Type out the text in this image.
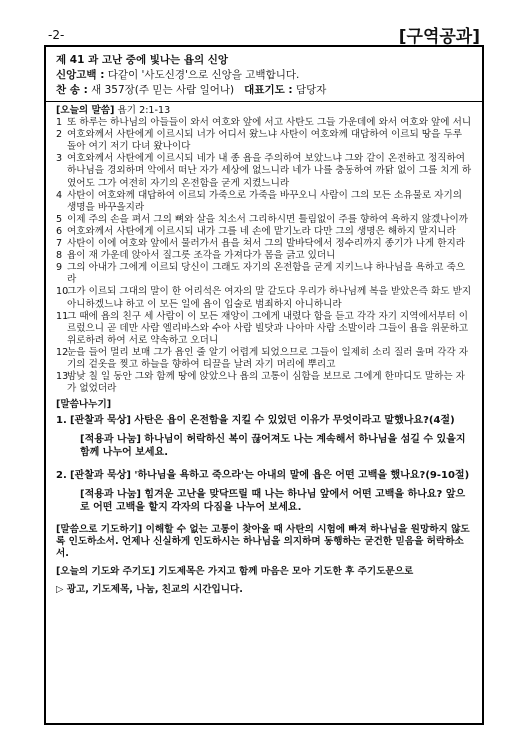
-2-	[구역공과]
제 41 과 고난 중에 빛나는 욥의 신앙
신앙고백 :
다같이 '사도신경'으로 신앙을 고백합니다.
찬 송 :
새 357장(주 믿는 사람 일어나)
대표기도 :
담당자
[오늘의 말씀] 욥기 2:1-13
1 또 하루는 하나님의 아들들이 와서 여호와 앞에 서고 사탄도 그들 가운데에 와서 여호와 앞에 서니
2 여호와께서 사탄에게 이르시되 너가 어디서 왔느냐 사탄이 여호와께 대답하여 이르되 땅을 두루 돌아 여기 저기 다녀 왔나이다
3 여호와께서 사탄에게 이르시되 네가 내 종 욥을 주의하여 보았느냐 그와 같이 온전하고 정직하여 하나님을 경외하며 악에서 떠난 자가 세상에 없느니라 네가 나를 충동하여 까닭 없이 그를 치게 하였어도 그가 여전히 자기의 온전함을 굳게 지켰느니라
4 사탄이 여호와께 대답하여 이르되 가죽으로 가죽을 바꾸오니 사람이 그의 모든 소유물로 자기의 생명을 바꾸올지라
5 이제 주의 손을 펴서 그의 뼈와 살을 치소서 그리하시면 틀림없이 주를 향하여 욕하지 않겠나이까
6 여호와께서 사탄에게 이르시되 내가 그를 네 손에 맡기노라 다만 그의 생명은 해하지 말지니라
7 사탄이 이에 여호와 앞에서 물러가서 욥을 쳐서 그의 발바닥에서 정수리까지 종기가 나게 한지라
8 욥이 재 가운데 앉아서 질그릇 조각을 가져다가 몸을 긁고 있더니
9 그의 아내가 그에게 이르되 당신이 그래도 자기의 온전함을 굳게 지키느냐 하나님을 욕하고 죽으라
10
그가 이르되 그대의 말이 한 어리석은 여자의 말 같도다 우리가 하나님께 복을 받았은즉 화도 받지 아니하겠느냐 하고 이 모든 일에 욥이 입술로 범죄하지 아니하니라
11
그 때에 욥의 친구 세 사람이 이 모든 재앙이 그에게 내렸다 함을 듣고 각각 자기 지역에서부터 이르렀으니 곧 데만 사람 엘리바스와 수아 사람 빌닷과 나아마 사람 소발이라 그들이 욥을 위문하고 위로하려 하여 서로 약속하고 오더니
12
눈을 들어 멀리 보매 그가 욥인 줄 알기 어렵게 되었으므로 그들이 일제히 소리 질러 울며 각각 자기의 겉옷을 찢고 하늘을 향하여 티끌을 날려 자기 머리에 뿌리고
13
밤낮 칠 일 동안 그와 함께 땅에 앉았으나 욥의 고통이 심함을 보므로 그에게 한마디도 말하는 자가 없었더라
[말씀나누기]
1. [관찰과 묵상] 사탄은 욥이 온전함을 지킬 수 있었던 이유가 무엇이라고 말했나요?(4절)
[적용과 나눔] 하나님이 허락하신 복이 끊어져도 나는 계속해서 하나님을 섬길 수 있을지 함께 나누어 보세요.
2. [관찰과 묵상] '하나님을 욕하고 죽으라'는 아내의 말에 욥은 어떤 고백을 했나요?(9-10절)
[적용과 나눔] 힘겨운 고난을 맞닥뜨릴 때 나는 하나님 앞에서 어떤 고백을 하나요? 앞으로 어떤 고백을 할지 각자의 다짐을 나누어 보세요.
[말씀으로 기도하기] 이해할 수 없는 고통이 찾아올 때 사탄의 시험에 빠져 하나님을 원망하지 않도록 인도하소서. 언제나 신실하게 인도하시는 하나님을 의지하며 동행하는 굳건한 믿음을 허락하소서.
[오늘의 기도와 주기도] 기도제목은 가지고 함께 마음은 모아 기도한 후 주기도문으로
▷ 광고, 기도제목, 나눔, 친교의 시간입니다.
